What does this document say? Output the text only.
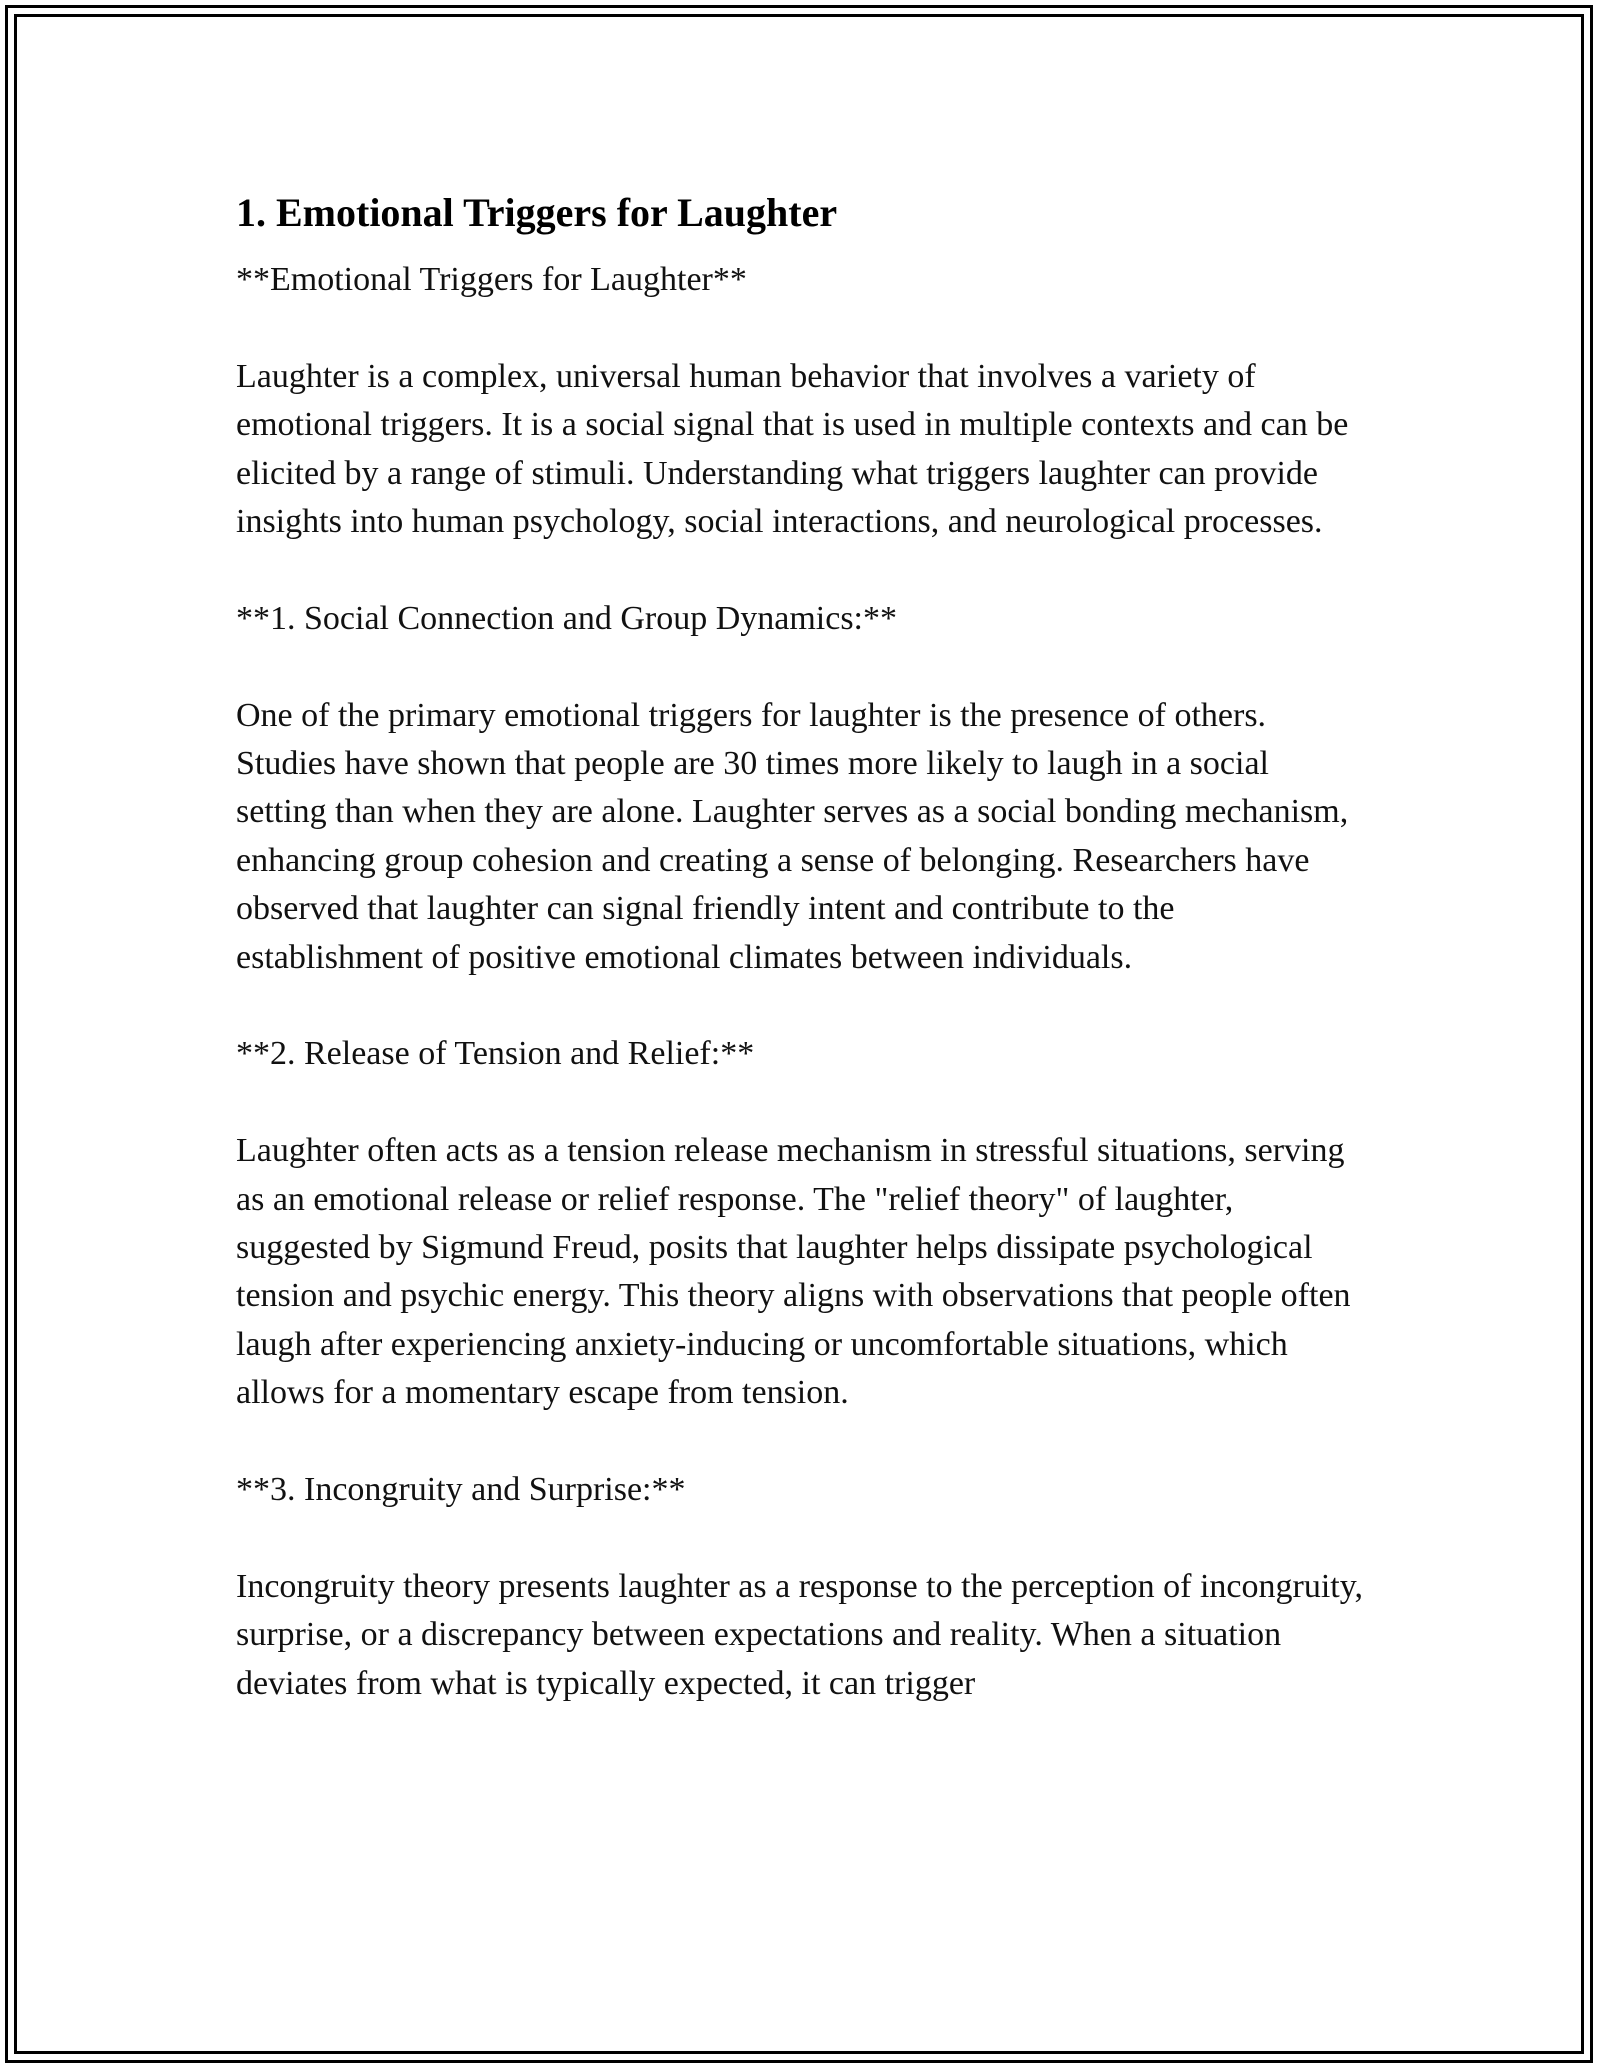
1. Emotional Triggers for Laughter

**Emotional Triggers for Laughter**

Laughter is a complex, universal human behavior that involves a variety of emotional triggers. It is a social signal that is used in multiple contexts and can be elicited by a range of stimuli. Understanding what triggers laughter can provide insights into human psychology, social interactions, and neurological processes.

**1. Social Connection and Group Dynamics:**

One of the primary emotional triggers for laughter is the presence of others. Studies have shown that people are 30 times more likely to laugh in a social setting than when they are alone. Laughter serves as a social bonding mechanism, enhancing group cohesion and creating a sense of belonging. Researchers have observed that laughter can signal friendly intent and contribute to the establishment of positive emotional climates between individuals.

**2. Release of Tension and Relief:**

Laughter often acts as a tension release mechanism in stressful situations, serving as an emotional release or relief response. The "relief theory" of laughter, suggested by Sigmund Freud, posits that laughter helps dissipate psychological tension and psychic energy. This theory aligns with observations that people often laugh after experiencing anxiety-inducing or uncomfortable situations, which allows for a momentary escape from tension.

**3. Incongruity and Surprise:**

Incongruity theory presents laughter as a response to the perception of incongruity, surprise, or a discrepancy between expectations and reality. When a situation deviates from what is typically expected, it can trigger
